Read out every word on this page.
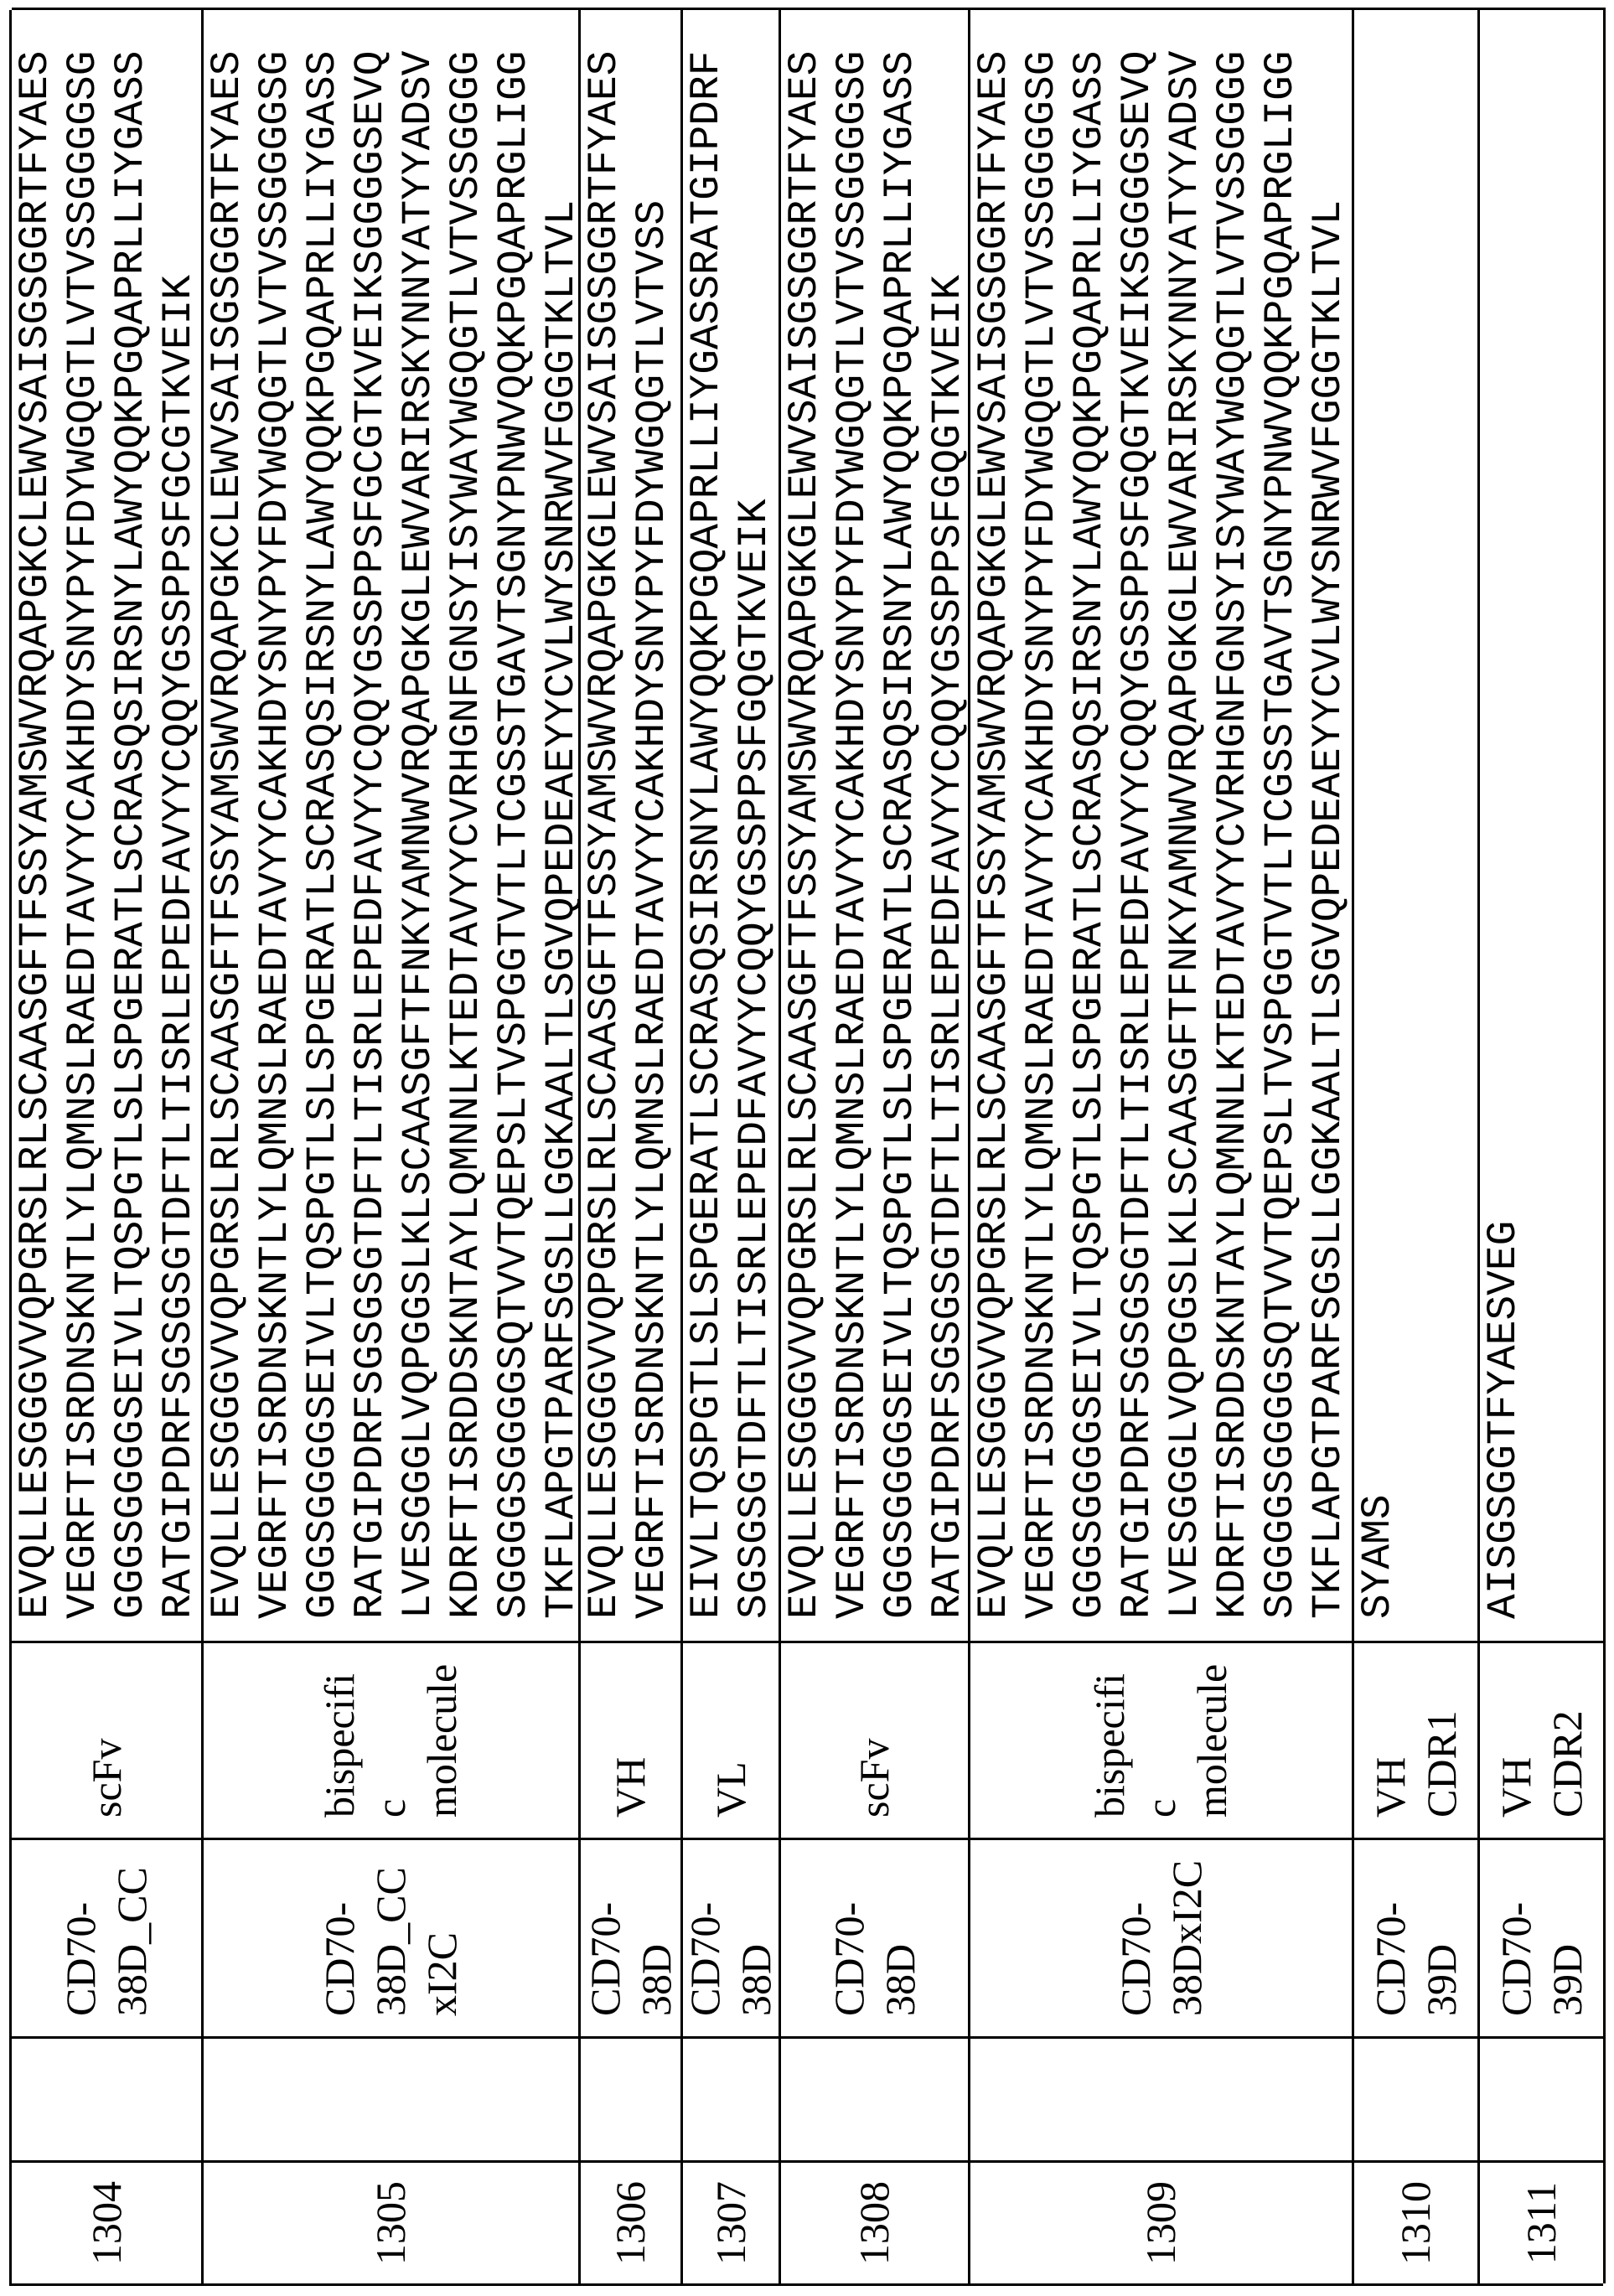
1304
CD70-38D_CC
scFv
EVQLLESGGGVVQPGRSLRLSCAASGFTFSSYAMSWVRQAPGKCLEWVSAISGSGGRTFYAESVEGRFTISRDNSKNTLYLQMNSLRAEDTAVYYCAKHDYSNYPYFDYWGQGTLVTVSSGGGGSGGGGSGGGGSEIVLTQSPGTLSLSPGERATLSCRASQSIRSNYLAWYQQKPGQAPRLLIYGASSRATGIPDRFSGSGSGTDFTLTISRLEPEDFAVYYCQQYGSSPPSFGCGTKVEIK
1305
CD70-38D_CCxI2C
bispecific molecule
EVQLLESGGGVVQPGRSLRLSCAASGFTFSSYAMSWVRQAPGKCLEWVSAISGSGGRTFYAESVEGRFTISRDNSKNTLYLQMNSLRAEDTAVYYCAKHDYSNYPYFDYWGQGTLVTVSSGGGGSGGGGSGGGGSEIVLTQSPGTLSLSPGERATLSCRASQSIRSNYLAWYQQKPGQAPRLLIYGASSRATGIPDRFSGSGSGTDFTLTISRLEPEDFAVYYCQQYGSSPPSFGCGTKVEIKSGGGGSEVQLVESGGGLVQPGGSLKLSCAASGFTFNKYAMNWVRQAPGKGLEWVARIRSKYNNYATYYADSVKDRFTISRDDSKNTAYLQMNNLKTEDTAVYYCVRHGNFGNSYISYWAYWGQGTLVTVSSGGGGSGGGGSGGGGSQTVVTQEPSLTVSPGGTVTLTCGSSTGAVTSGNYPNWVQQKPGQAPRGLIGGTKFLAPGTPARFSGSLLGGKAALTLSGVQPEDEAEYYCVLWYSNRWVFGGGTKLTVL
1306
CD70-38D
VH
EVQLLESGGGVVQPGRSLRLSCAASGFTFSSYAMSWVRQAPGKGLEWVSAISGSGGRTFYAESVEGRFTISRDNSKNTLYLQMNSLRAEDTAVYYCAKHDYSNYPYFDYWGQGTLVTVSS
1307
CD70-38D
VL
EIVLTQSPGTLSLSPGERATLSCRASQSIRSNYLAWYQQKPGQAPRLLIYGASSRATGIPDRFSGSGSGTDFTLTISRLEPEDFAVYYCQQYGSSPPSFGQGTKVEIK
1308
CD70-38D
scFv
EVQLLESGGGVVQPGRSLRLSCAASGFTFSSYAMSWVRQAPGKGLEWVSAISGSGGRTFYAESVEGRFTISRDNSKNTLYLQMNSLRAEDTAVYYCAKHDYSNYPYFDYWGQGTLVTVSSGGGGSGGGGSGGGGSEIVLTQSPGTLSLSPGERATLSCRASQSIRSNYLAWYQQKPGQAPRLLIYGASSRATGIPDRFSGSGSGTDFTLTISRLEPEDFAVYYCQQYGSSPPSFGQGTKVEIK
1309
CD70-38DxI2C
bispecific molecule
EVQLLESGGGVVQPGRSLRLSCAASGFTFSSYAMSWVRQAPGKGLEWVSAISGSGGRTFYAESVEGRFTISRDNSKNTLYLQMNSLRAEDTAVYYCAKHDYSNYPYFDYWGQGTLVTVSSGGGGSGGGGSGGGGSEIVLTQSPGTLSLSPGERATLSCRASQSIRSNYLAWYQQKPGQAPRLLIYGASSRATGIPDRFSGSGSGTDFTLTISRLEPEDFAVYYCQQYGSSPPSFGQGTKVEIKSGGGGSEVQLVESGGGLVQPGGSLKLSCAASGFTFNKYAMNWVRQAPGKGLEWVARIRSKYNNYATYYADSVKDRFTISRDDSKNTAYLQMNNLKTEDTAVYYCVRHGNFGNSYISYWAYWGQGTLVTVSSGGGGSGGGGSGGGGSQTVVTQEPSLTVSPGGTVTLTCGSSTGAVTSGNYPNWVQQKPGQAPRGLIGGTKFLAPGTPARFSGSLLGGKAALTLSGVQPEDEAEYYCVLWYSNRWVFGGGTKLTVL
1310
CD70-39D
VH CDR1
SYAMS
1311
CD70-39D
VH CDR2
AISGSGGTFYAESVEG
